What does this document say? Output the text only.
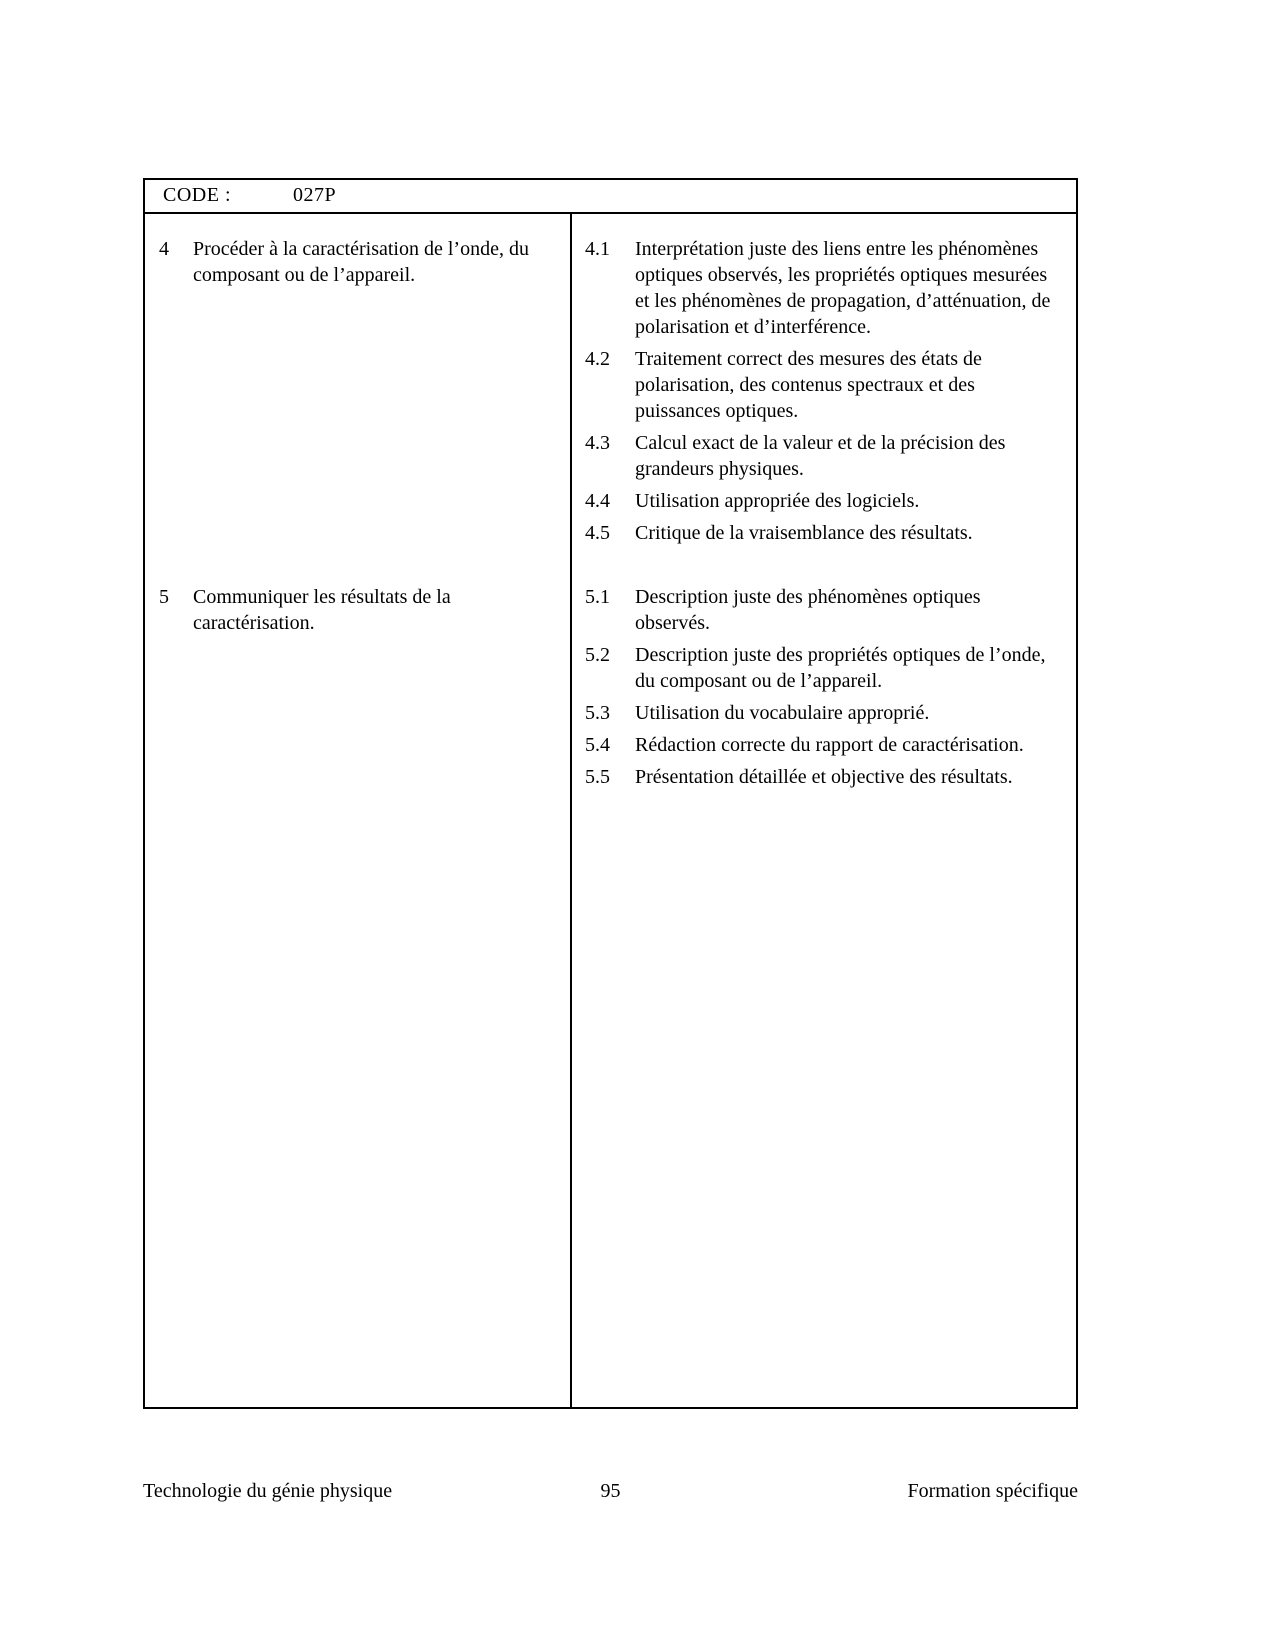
CODE :	027P
4	Procéder à la caractérisation de l’onde, du composant ou de l’appareil.
4.1	Interprétation juste des liens entre les phénomènes optiques observés, les propriétés optiques mesurées et les phénomènes de propagation, d’atténuation, de polarisation et d’interférence.
4.2	Traitement correct des mesures des états de polarisation, des contenus spectraux et des puissances optiques.
4.3	Calcul exact de la valeur et de la précision des grandeurs physiques.
4.4	Utilisation appropriée des logiciels.
4.5	Critique de la vraisemblance des résultats.
5	Communiquer les résultats de la caractérisation.
5.1	Description juste des phénomènes optiques observés.
5.2	Description juste des propriétés optiques de l’onde, du composant ou de l’appareil.
5.3	Utilisation du vocabulaire approprié.
5.4	Rédaction correcte du rapport de caractérisation.
5.5	Présentation détaillée et objective des résultats.
Technologie du génie physique	95	Formation spécifique
